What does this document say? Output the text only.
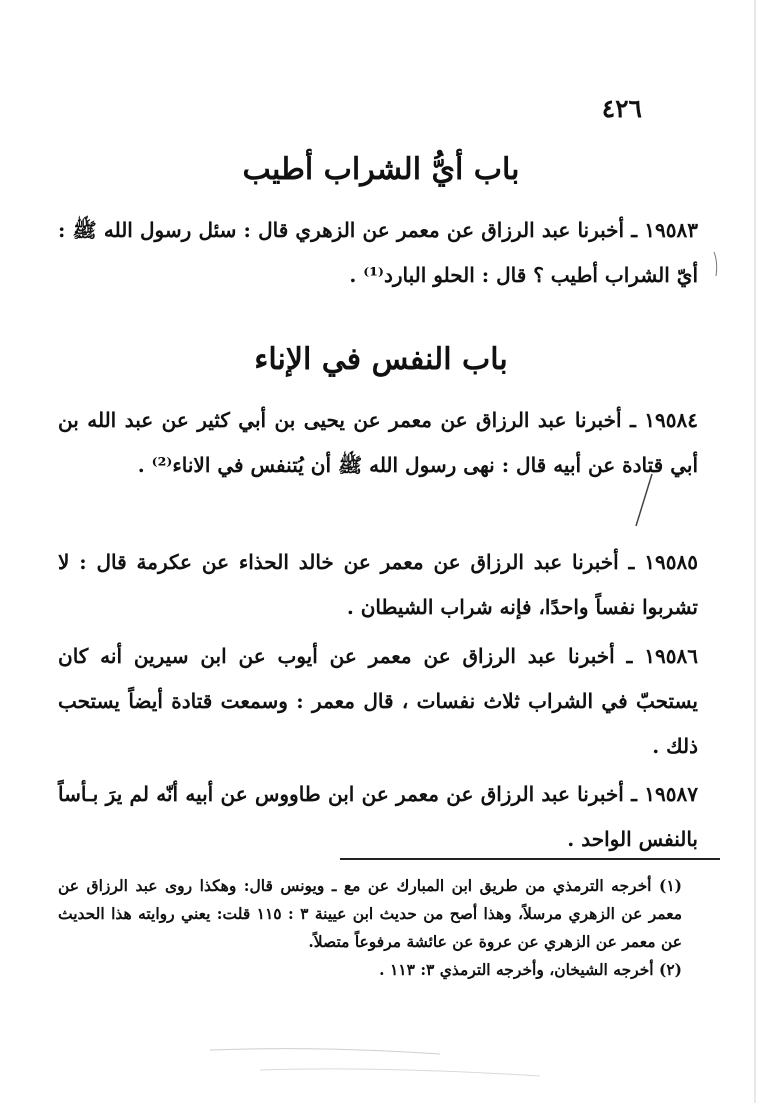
٤٢٦
باب أيُّ الشراب أطيب
١٩٥٨٣ ـ أخبرنا عبد الرزاق عن معمر عن الزهري قال : سئل رسول الله ﷺ : أيّ الشراب أطيب ؟ قال : الحلو البارد⁽¹⁾ .
باب النفس في الإناء
١٩٥٨٤ ـ أخبرنا عبد الرزاق عن معمر عن يحيى بن أبي كثير عن عبد الله بن أبي قتادة عن أبيه قال : نهى رسول الله ﷺ أن يُتنفس في الاناء⁽²⁾ .
١٩٥٨٥ ـ أخبرنا عبد الرزاق عن معمر عن خالد الحذاء عن عكرمة قال : لا تشربوا نفساً واحدًا، فإنه شراب الشيطان .
١٩٥٨٦ ـ أخبرنا عبد الرزاق عن معمر عن أيوب عن ابن سيرين أنه كان يستحبّ في الشراب ثلاث نفسات ، قال معمر : وسمعت قتادة أيضاً يستحب ذلك .
١٩٥٨٧ ـ أخبرنا عبد الرزاق عن معمر عن ابن طاووس عن أبيه أنّه لم يرَ بـأساً بالنفس الواحد .

(١) أخرجه الترمذي من طريق ابن المبارك عن مع ـ ويونس قال: وهكذا روى عبد الرزاق عن معمر عن الزهري مرسلاً، وهذا أصح من حديث ابن عيينة ٣ : ١١٥ قلت: يعني روايته هذا الحديث عن معمر عن الزهري عن عروة عن عائشة مرفوعاً متصلاً.

(٢) أخرجه الشيخان، وأخرجه الترمذي ٣: ١١٣ .
